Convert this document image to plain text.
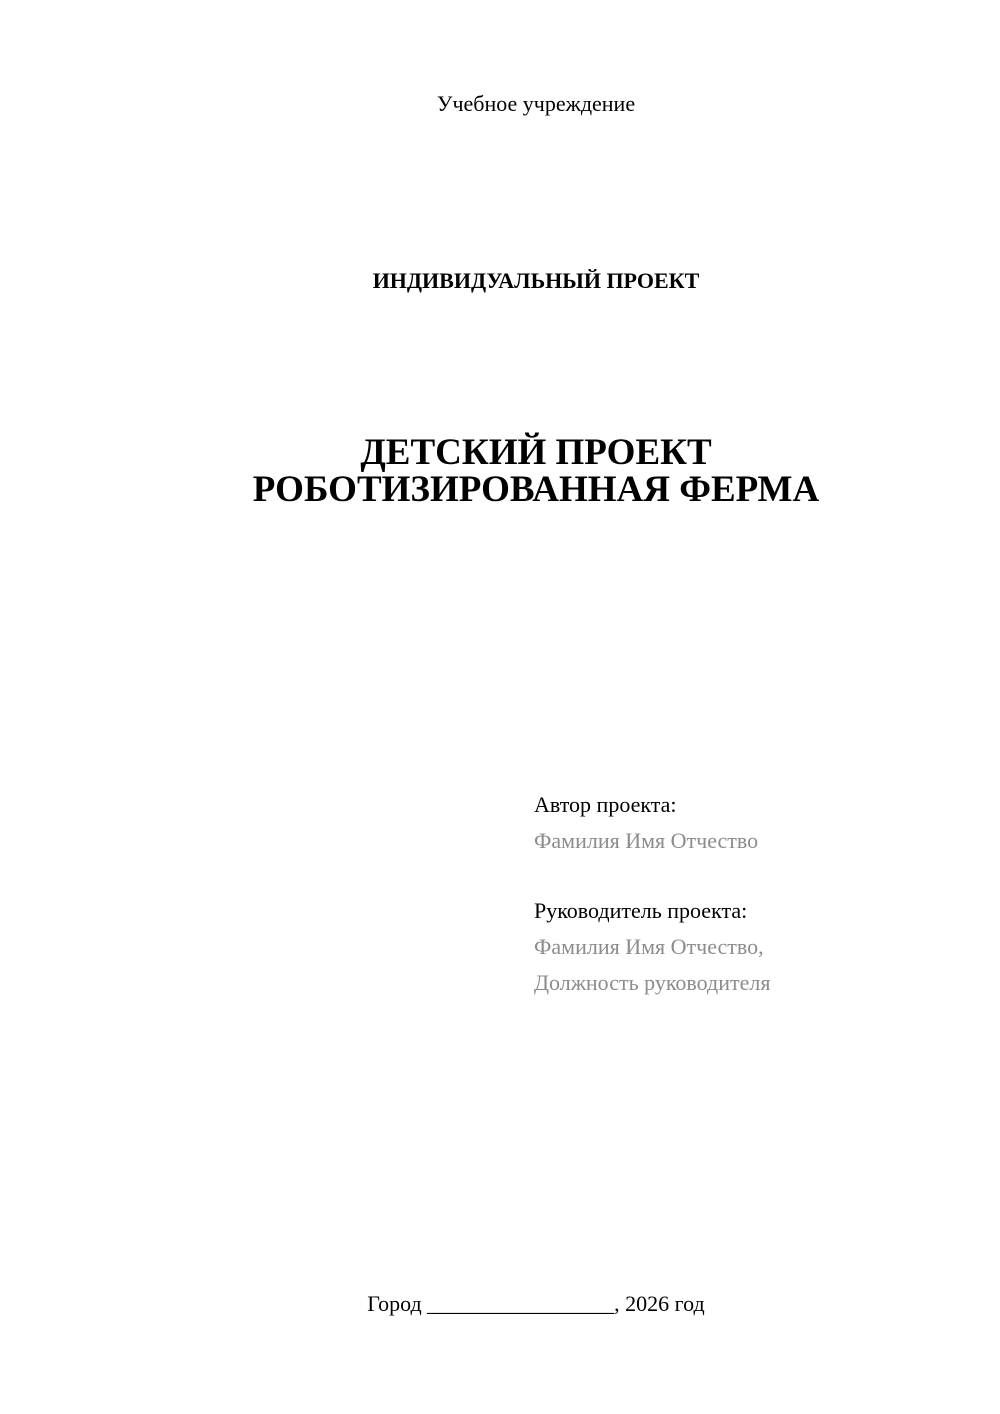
Учебное учреждение
ИНДИВИДУАЛЬНЫЙ ПРОЕКТ
ДЕТСКИЙ ПРОЕКТ
РОБОТИЗИРОВАННАЯ ФЕРМА
Автор проекта:
Фамилия Имя Отчество
Руководитель проекта:
Фамилия Имя Отчество,
Должность руководителя
Город _________________, 2026 год
